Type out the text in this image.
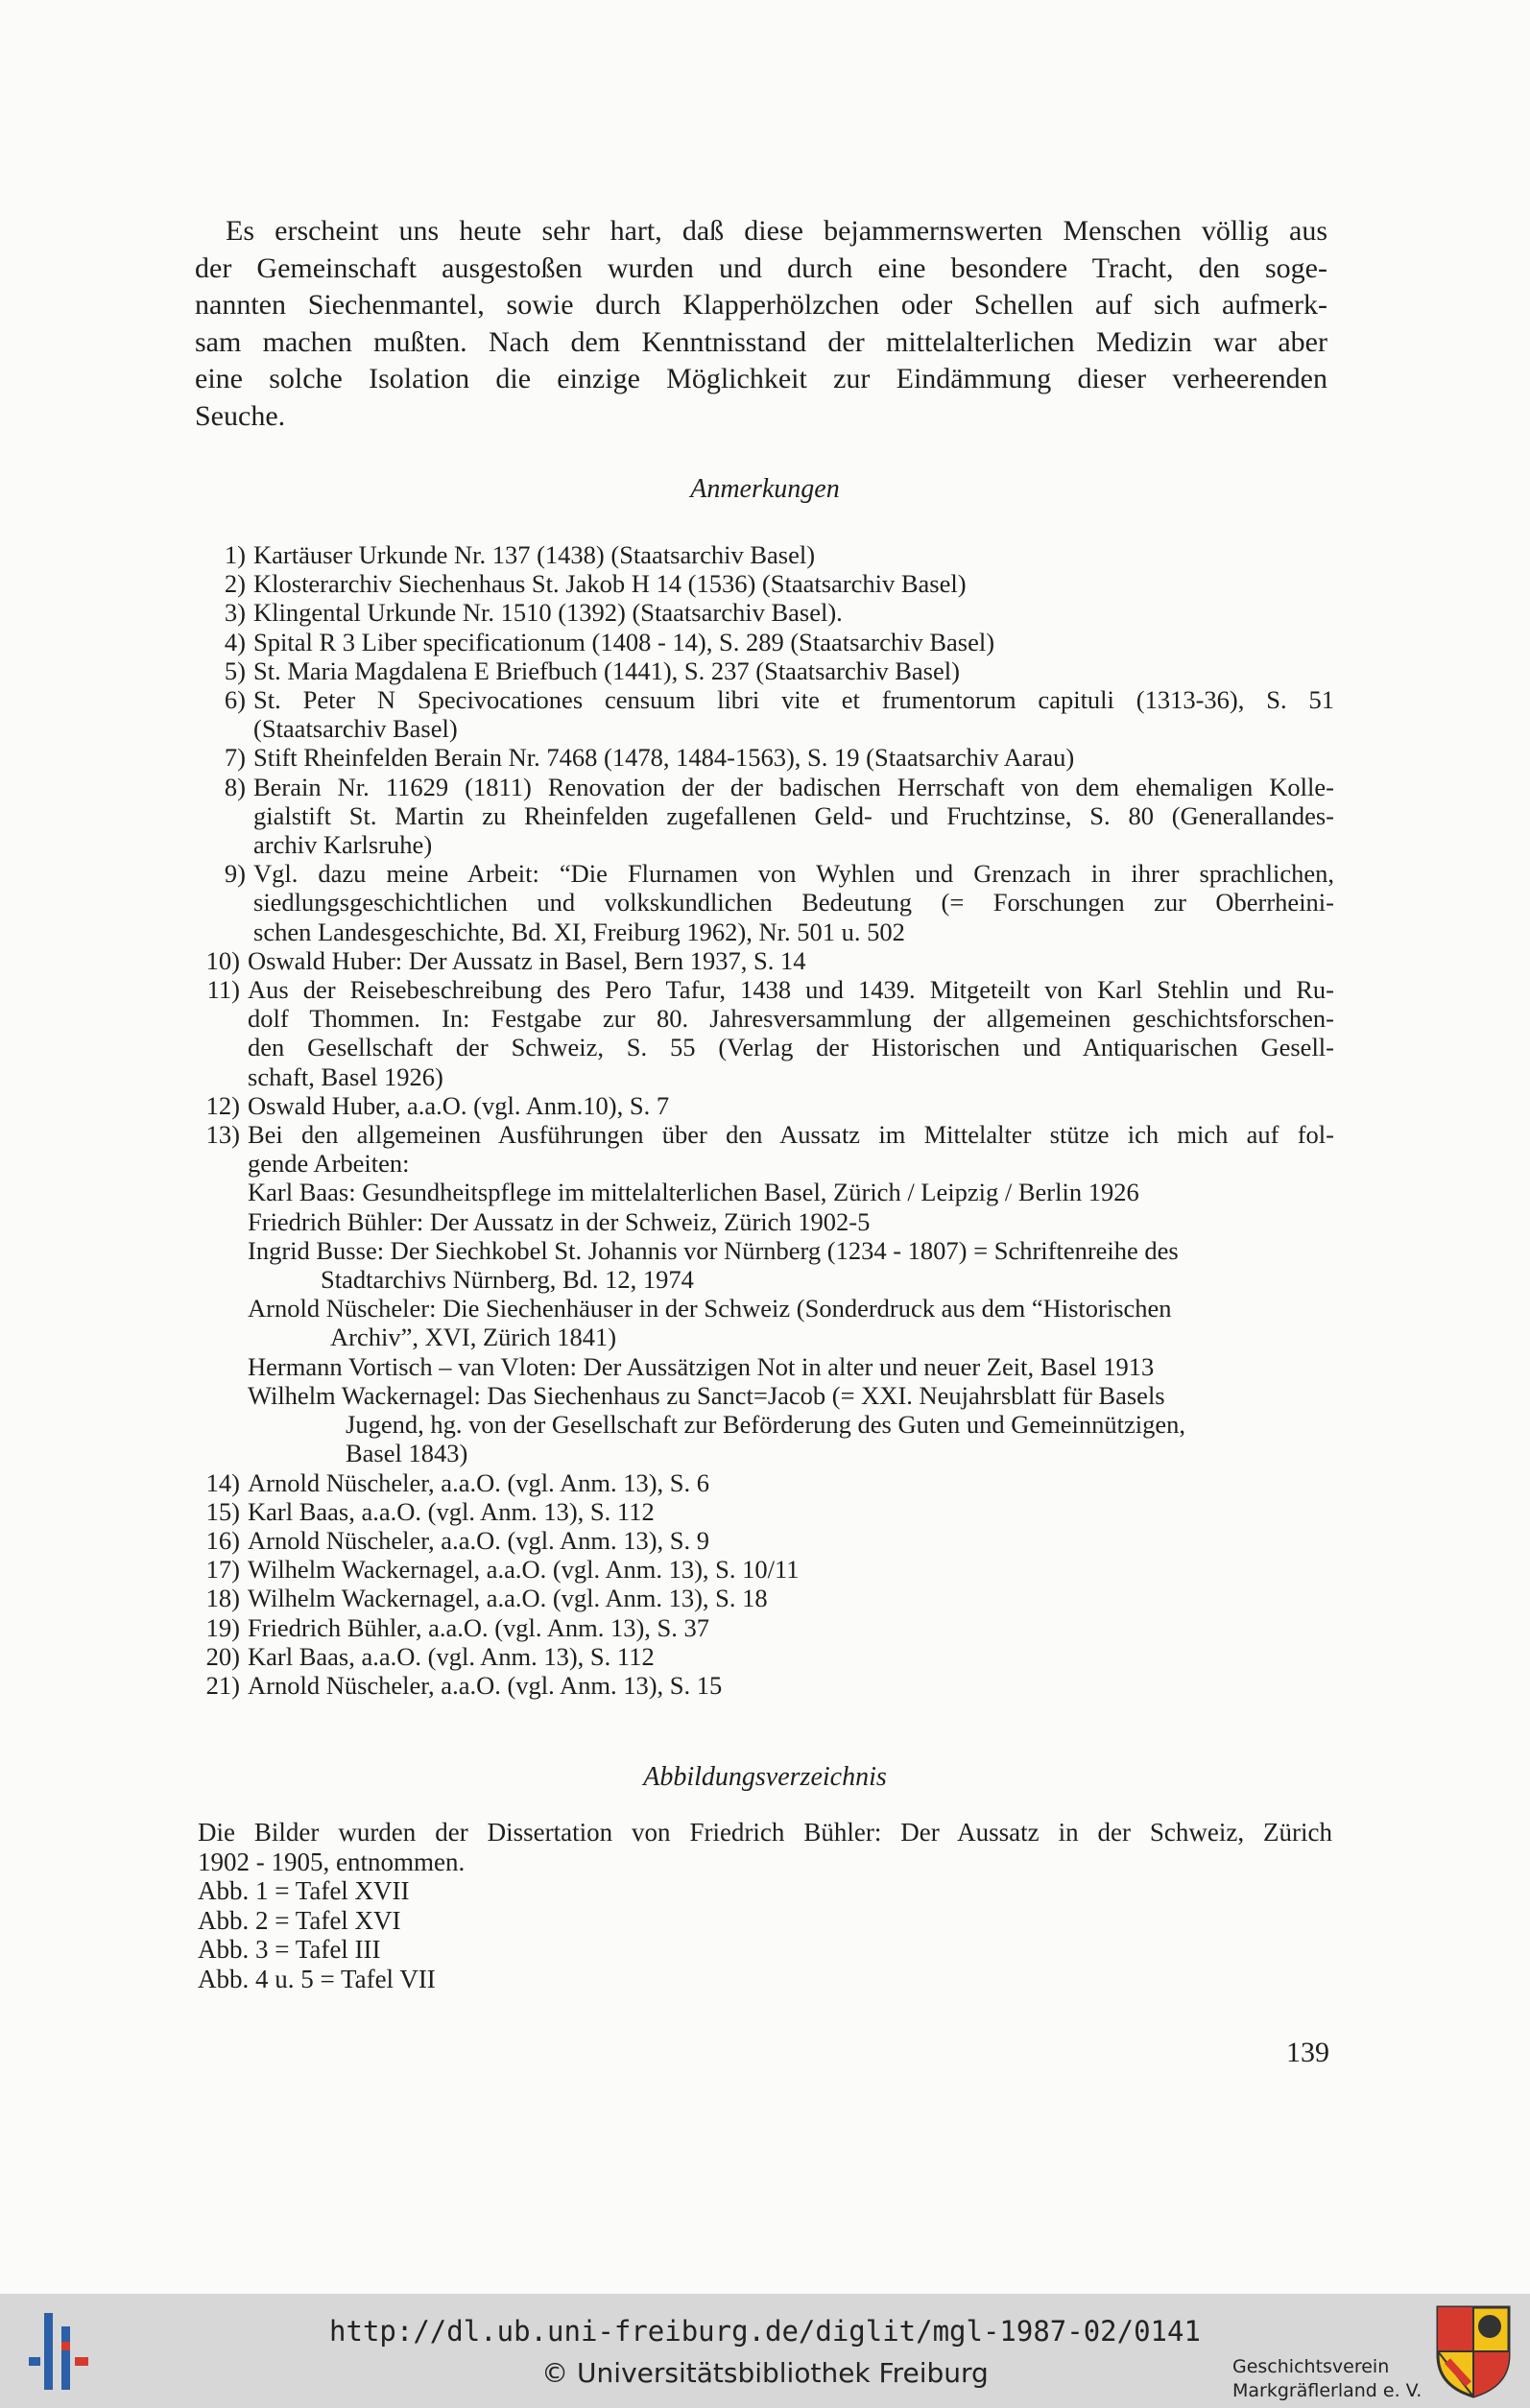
Es erscheint uns heute sehr hart, daß diese bejammernswerten Menschen völlig aus
der Gemeinschaft ausgestoßen wurden und durch eine besondere Tracht, den soge-
nannten Siechenmantel, sowie durch Klapperhölzchen oder Schellen auf sich aufmerk-
sam machen mußten. Nach dem Kenntnisstand der mittelalterlichen Medizin war aber
eine solche Isolation die einzige Möglichkeit zur Eindämmung dieser verheerenden
Seuche.
Anmerkungen
1) Kartäuser Urkunde Nr. 137 (1438) (Staatsarchiv Basel)
2) Klosterarchiv Siechenhaus St. Jakob H 14 (1536) (Staatsarchiv Basel)
3) Klingental Urkunde Nr. 1510 (1392) (Staatsarchiv Basel).
4) Spital R 3 Liber specificationum (1408 - 14), S. 289 (Staatsarchiv Basel)
5) St. Maria Magdalena E Briefbuch (1441), S. 237 (Staatsarchiv Basel)
6) St. Peter N Specivocationes censuum libri vite et frumentorum capituli (1313-36), S. 51
(Staatsarchiv Basel)
7) Stift Rheinfelden Berain Nr. 7468 (1478, 1484-1563), S. 19 (Staatsarchiv Aarau)
8) Berain Nr. 11629 (1811) Renovation der der badischen Herrschaft von dem ehemaligen Kolle-
gialstift St. Martin zu Rheinfelden zugefallenen Geld- und Fruchtzinse, S. 80 (Generallandes-
archiv Karlsruhe)
9) Vgl. dazu meine Arbeit: “Die Flurnamen von Wyhlen und Grenzach in ihrer sprachlichen,
siedlungsgeschichtlichen und volkskundlichen Bedeutung (= Forschungen zur Oberrheini-
schen Landesgeschichte, Bd. XI, Freiburg 1962), Nr. 501 u. 502
10) Oswald Huber: Der Aussatz in Basel, Bern 1937, S. 14
11) Aus der Reisebeschreibung des Pero Tafur, 1438 und 1439. Mitgeteilt von Karl Stehlin und Ru-
dolf Thommen. In: Festgabe zur 80. Jahresversammlung der allgemeinen geschichtsforschen-
den Gesellschaft der Schweiz, S. 55 (Verlag der Historischen und Antiquarischen Gesell-
schaft, Basel 1926)
12) Oswald Huber, a.a.O. (vgl. Anm.10), S. 7
13) Bei den allgemeinen Ausführungen über den Aussatz im Mittelalter stütze ich mich auf fol-
gende Arbeiten:
Karl Baas: Gesundheitspflege im mittelalterlichen Basel, Zürich / Leipzig / Berlin 1926
Friedrich Bühler: Der Aussatz in der Schweiz, Zürich 1902-5
Ingrid Busse: Der Siechkobel St. Johannis vor Nürnberg (1234 - 1807) = Schriftenreihe des
Stadtarchivs Nürnberg, Bd. 12, 1974
Arnold Nüscheler: Die Siechenhäuser in der Schweiz (Sonderdruck aus dem “Historischen
Archiv”, XVI, Zürich 1841)
Hermann Vortisch – van Vloten: Der Aussätzigen Not in alter und neuer Zeit, Basel 1913
Wilhelm Wackernagel: Das Siechenhaus zu Sanct=Jacob (= XXI. Neujahrsblatt für Basels
Jugend, hg. von der Gesellschaft zur Beförderung des Guten und Gemeinnützigen,
Basel 1843)
14) Arnold Nüscheler, a.a.O. (vgl. Anm. 13), S. 6
15) Karl Baas, a.a.O. (vgl. Anm. 13), S. 112
16) Arnold Nüscheler, a.a.O. (vgl. Anm. 13), S. 9
17) Wilhelm Wackernagel, a.a.O. (vgl. Anm. 13), S. 10/11
18) Wilhelm Wackernagel, a.a.O. (vgl. Anm. 13), S. 18
19) Friedrich Bühler, a.a.O. (vgl. Anm. 13), S. 37
20) Karl Baas, a.a.O. (vgl. Anm. 13), S. 112
21) Arnold Nüscheler, a.a.O. (vgl. Anm. 13), S. 15
Abbildungsverzeichnis
Die Bilder wurden der Dissertation von Friedrich Bühler: Der Aussatz in der Schweiz, Zürich
1902 - 1905, entnommen.
Abb. 1 = Tafel XVII
Abb. 2 = Tafel XVI
Abb. 3 = Tafel III
Abb. 4 u. 5 = Tafel VII
139
http://dl.ub.uni-freiburg.de/diglit/mgl-1987-02/0141
© Universitätsbibliothek Freiburg	Geschichtsverein
Markgräflerland e. V.
